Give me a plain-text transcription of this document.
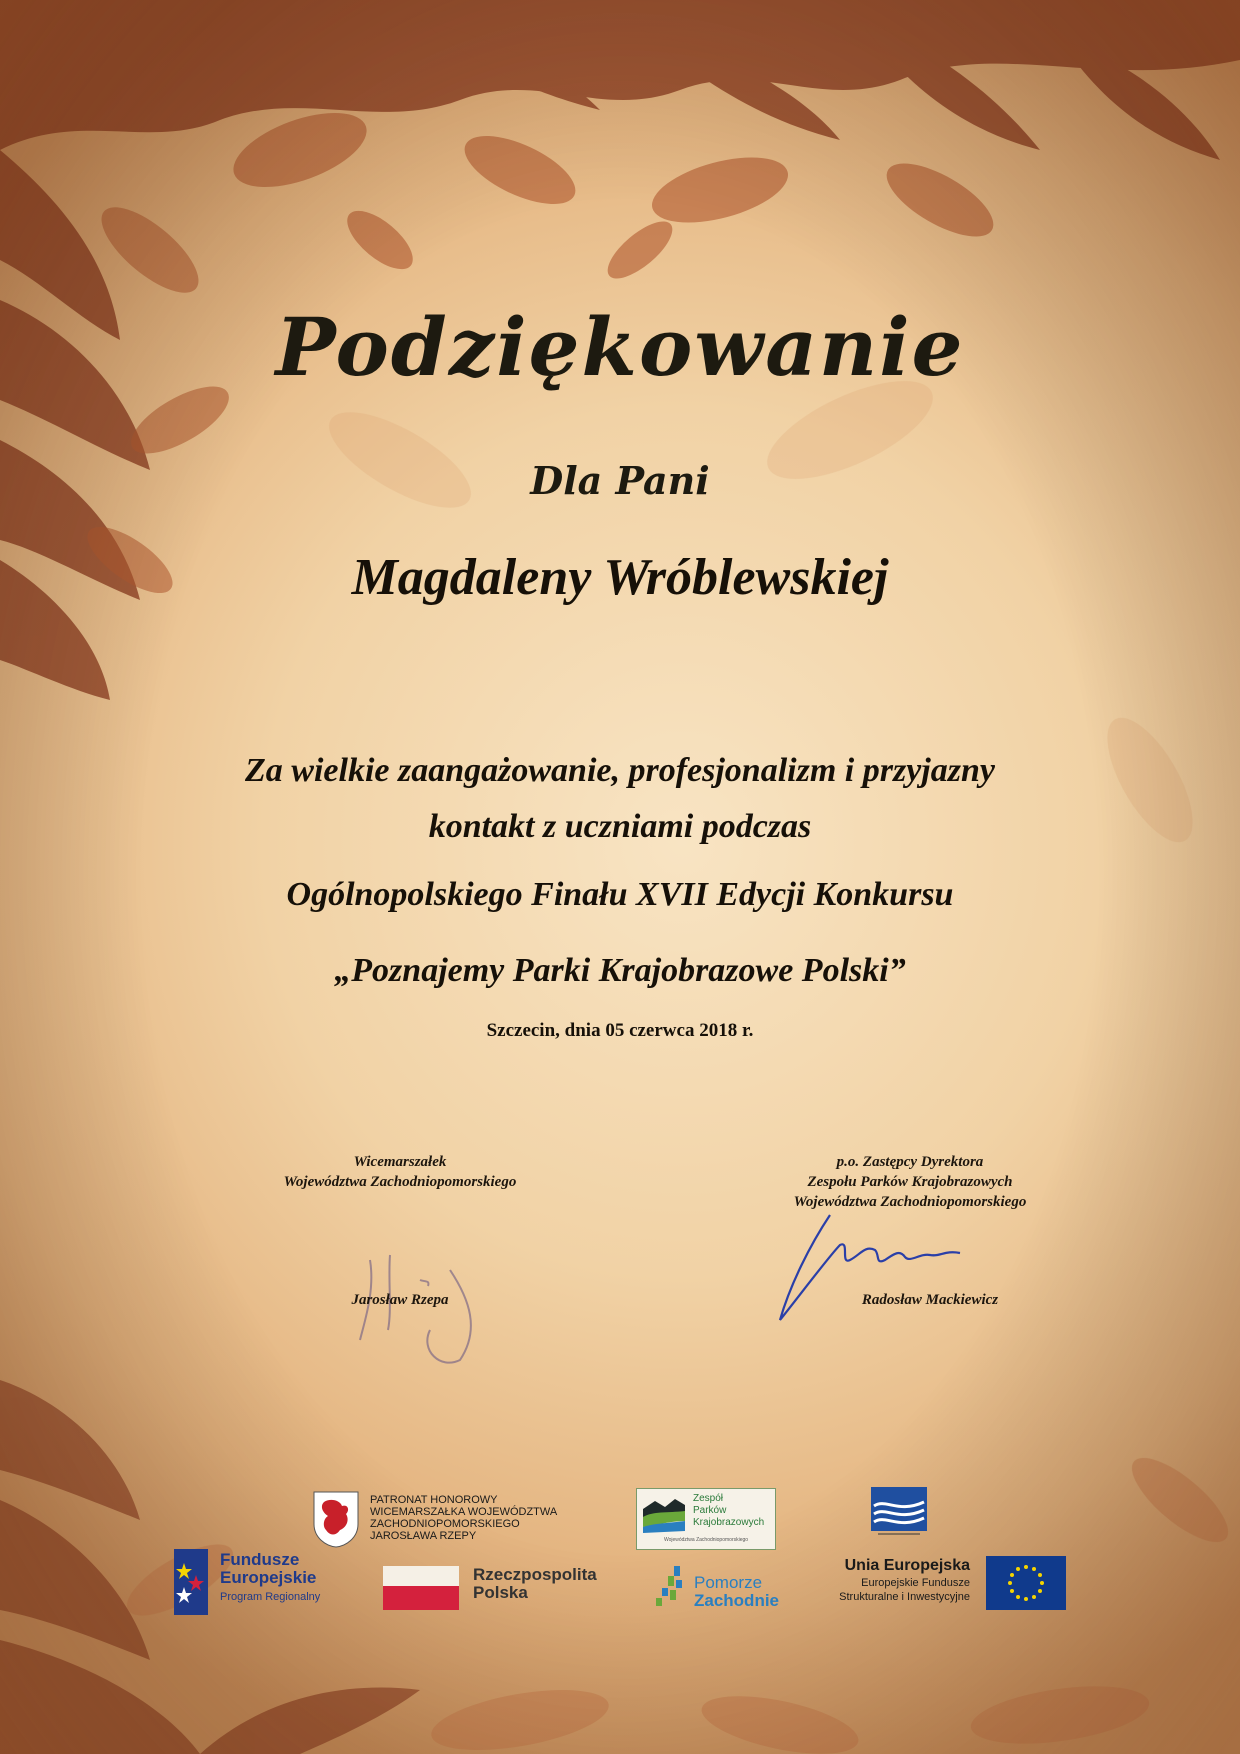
Podziękowanie
Dla Pani
Magdaleny Wróblewskiej
Za wielkie zaangażowanie, profesjonalizm i przyjazny
kontakt z uczniami podczas
Ogólnopolskiego Finału XVII Edycji Konkursu
„Poznajemy Parki Krajobrazowe Polski”
Szczecin, dnia 05 czerwca 2018 r.
Wicemarszałek
Województwa Zachodniopomorskiego
Jarosław Rzepa
p.o. Zastępcy Dyrektora
Zespołu Parków Krajobrazowych
Województwa Zachodniopomorskiego
Radosław Mackiewicz
PATRONAT HONOROWY
WICEMARSZAŁKA WOJEWÓDZTWA
ZACHODNIOPOMORSKIEGO
JAROSŁAWA RZEPY
Zespół
Parków
Krajobrazowych
Województwa Zachodniopomorskiego
Fundusze
Europejskie
Program Regionalny
Rzeczpospolita
Polska
Pomorze
Zachodnie
Unia Europejska
Europejskie Fundusze
Strukturalne i Inwestycyjne
